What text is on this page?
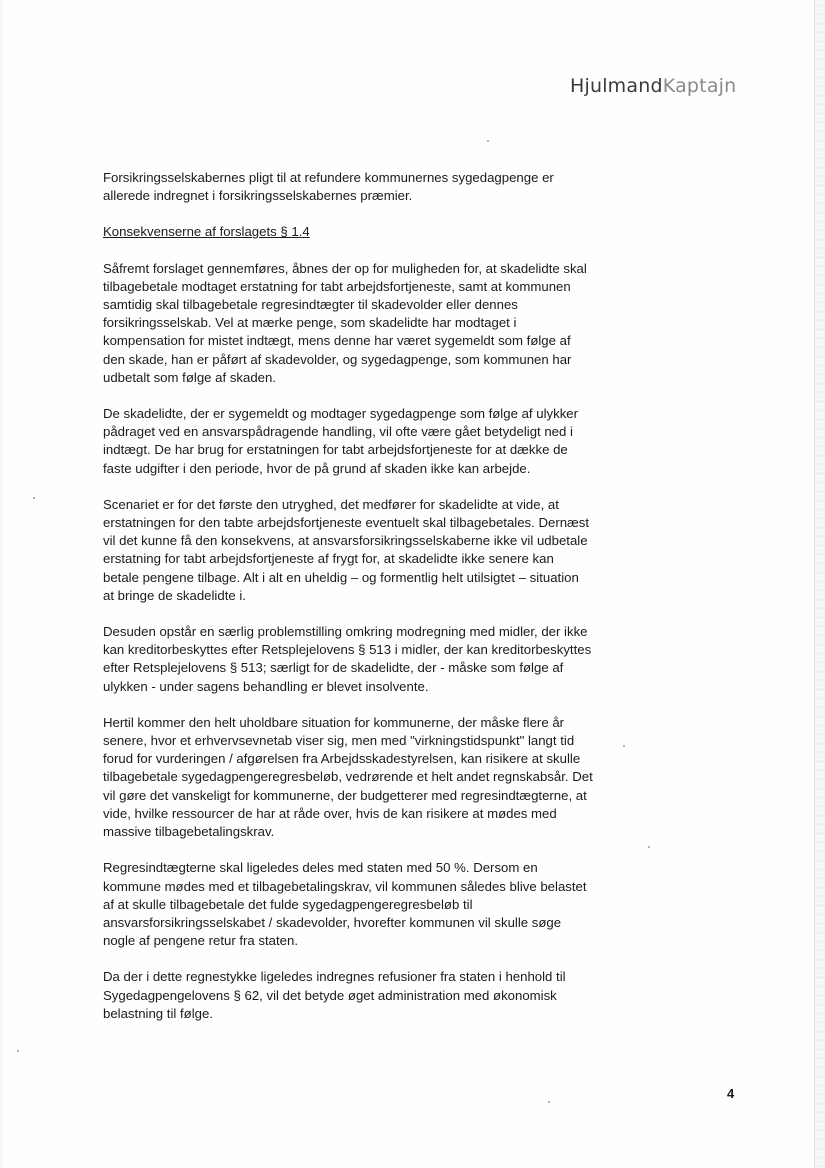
HjulmandKaptajn

Forsikringsselskabernes pligt til at refundere kommunernes sygedagpenge er allerede indregnet i forsikringsselskabernes præmier.

Konsekvenserne af forslagets § 1.4

Såfremt forslaget gennemføres, åbnes der op for muligheden for, at skadelidte skal tilbagebetale modtaget erstatning for tabt arbejdsfortjeneste, samt at kommunen samtidig skal tilbagebetale regresindtægter til skadevolder eller dennes forsikringsselskab. Vel at mærke penge, som skadelidte har modtaget i kompensation for mistet indtægt, mens denne har været sygemeldt som følge af den skade, han er påført af skadevolder, og sygedagpenge, som kommunen har udbetalt som følge af skaden.

De skadelidte, der er sygemeldt og modtager sygedagpenge som følge af ulykker pådraget ved en ansvarspådragende handling, vil ofte være gået betydeligt ned i indtægt. De har brug for erstatningen for tabt arbejdsfortjeneste for at dække de faste udgifter i den periode, hvor de på grund af skaden ikke kan arbejde.

Scenariet er for det første den utryghed, det medfører for skadelidte at vide, at erstatningen for den tabte arbejdsfortjeneste eventuelt skal tilbagebetales. Dernæst vil det kunne få den konsekvens, at ansvarsforsikringsselskaberne ikke vil udbetale erstatning for tabt arbejdsfortjeneste af frygt for, at skadelidte ikke senere kan betale pengene tilbage. Alt i alt en uheldig – og formentlig helt utilsigtet – situation at bringe de skadelidte i.

Desuden opstår en særlig problemstilling omkring modregning med midler, der ikke kan kreditorbeskyttes efter Retsplejelovens § 513 i midler, der kan kreditorbeskyttes efter Retsplejelovens § 513; særligt for de skadelidte, der - måske som følge af ulykken - under sagens behandling er blevet insolvente.

Hertil kommer den helt uholdbare situation for kommunerne, der måske flere år senere, hvor et erhvervsevnetab viser sig, men med "virkningstidspunkt" langt tid forud for vurderingen / afgørelsen fra Arbejdsskadestyrelsen, kan risikere at skulle tilbagebetale sygedagpengeregresbeløb, vedrørende et helt andet regnskabsår. Det vil gøre det vanskeligt for kommunerne, der budgetterer med regresindtægterne, at vide, hvilke ressourcer de har at råde over, hvis de kan risikere at mødes med massive tilbagebetalingskrav.

Regresindtægterne skal ligeledes deles med staten med 50 %. Dersom en kommune mødes med et tilbagebetalingskrav, vil kommunen således blive belastet af at skulle tilbagebetale det fulde sygedagpengeregresbeløb til ansvarsforsikringsselskabet / skadevolder, hvorefter kommunen vil skulle søge nogle af pengene retur fra staten.

Da der i dette regnestykke ligeledes indregnes refusioner fra staten i henhold til Sygedagpengelovens § 62, vil det betyde øget administration med økonomisk belastning til følge.

4
